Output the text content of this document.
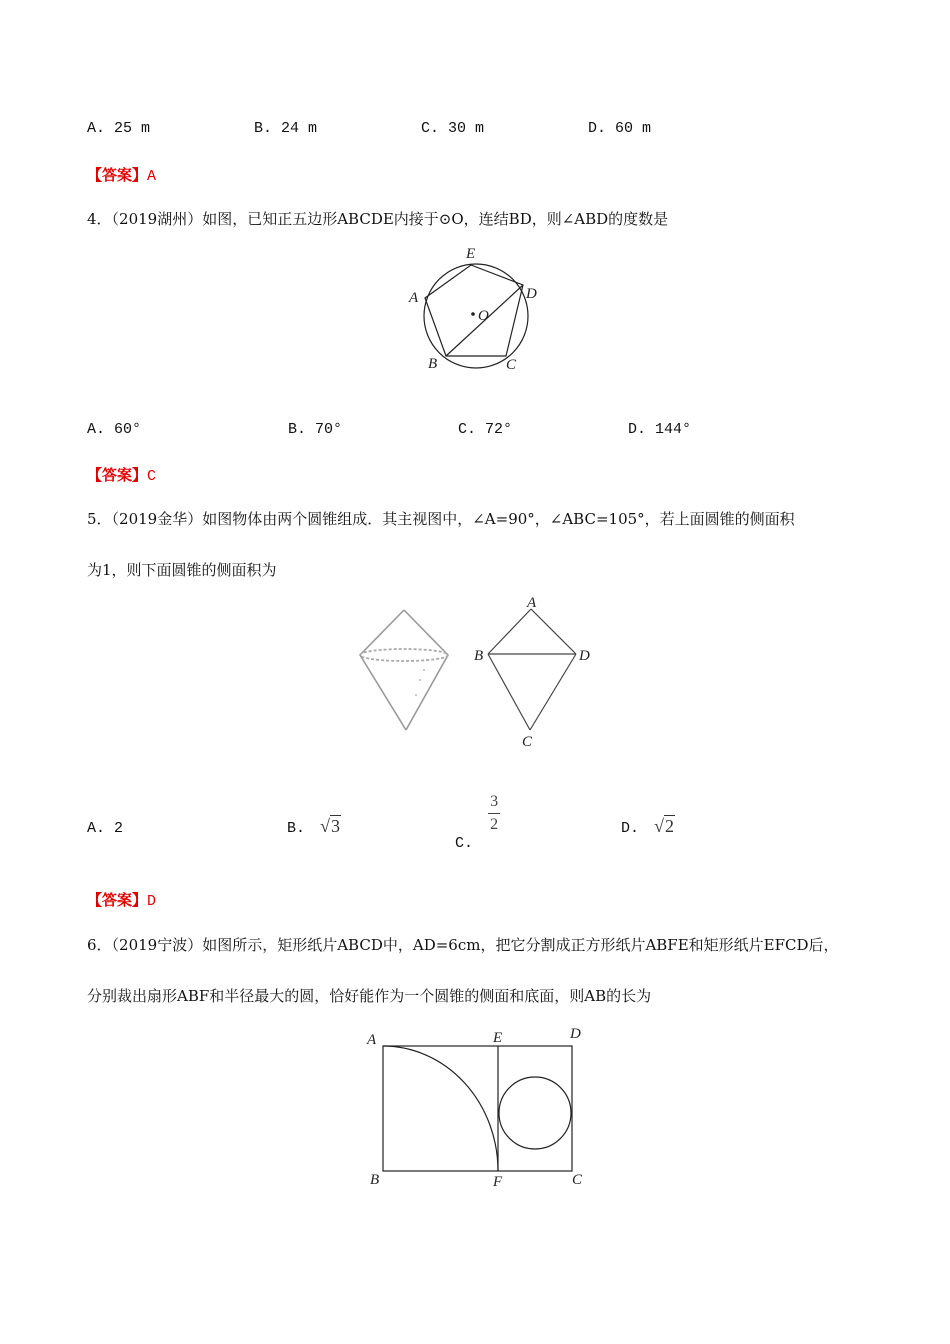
A. 25 m	B. 24 m	C. 30 m	D. 60 m
【答案】A
4．（2019湖州）如图，已知正五边形ABCDE内接于⊙O，连结BD，则∠ABD的度数是
E
D
A
B	C
O
A. 60°	B. 70°	C. 72°	D. 144°
【答案】C
5．（2019金华）如图物体由两个圆锥组成．其主视图中，∠A=90°，∠ABC=105°，若上面圆锥的侧面积
为1，则下面圆锥的侧面积为
A
B	D
C
A. 2	B. √3
C.
$\frac{3}{2}$	D. √2
【答案】D
6．（2019宁波）如图所示，矩形纸片ABCD中，AD=6cm，把它分割成正方形纸片ABFE和矩形纸片EFCD后，
分别裁出扇形ABF和半径最大的圆，恰好能作为一个圆锥的侧面和底面，则AB的长为
A	E	D
B	F	C
